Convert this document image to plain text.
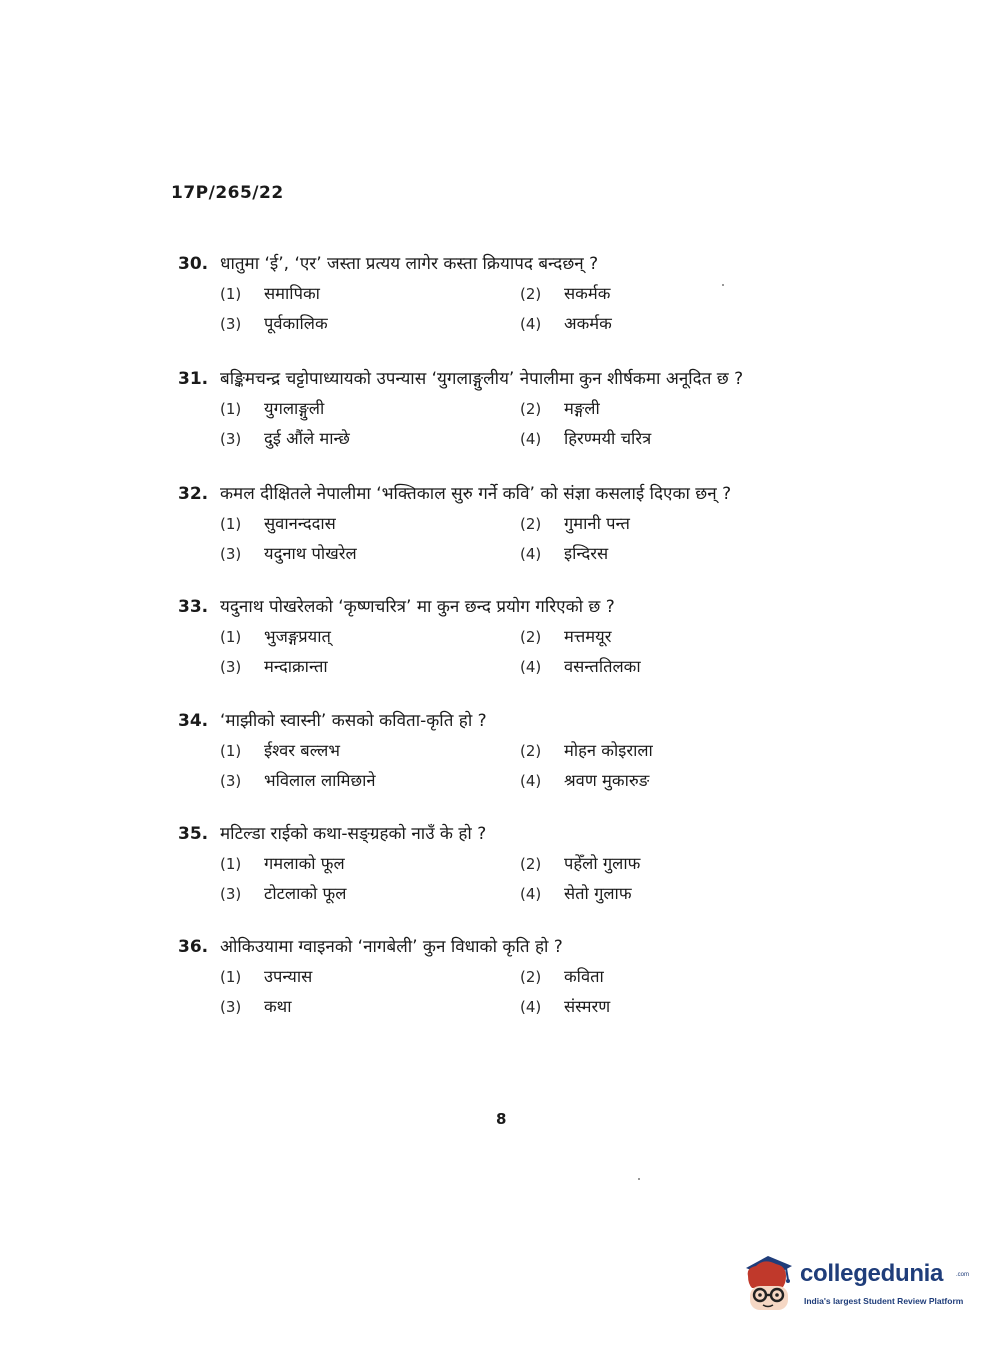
17P/265/22
30. धातुमा ‘ई’, ‘एर’ जस्ता प्रत्यय लागेर कस्ता क्रियापद बन्दछन् ?
(1)	समापिका	(2)	सकर्मक
(3)	पूर्वकालिक	(4)	अकर्मक
31. बङ्किमचन्द्र चट्टोपाध्यायको उपन्यास ‘युगलाङ्गुलीय’ नेपालीमा कुन शीर्षकमा अनूदित छ ?
(1)	युगलाङ्गुली	(2)	मङ्गली
(3)	दुई औंले मान्छे	(4)	हिरण्मयी चरित्र
32. कमल दीक्षितले नेपालीमा ‘भक्तिकाल सुरु गर्ने कवि’ को संज्ञा कसलाई दिएका छन् ?
(1)	सुवानन्ददास	(2)	गुमानी पन्त
(3)	यदुनाथ पोखरेल	(4)	इन्दिरस
33. यदुनाथ पोखरेलको ‘कृष्णचरित्र’ मा कुन छन्द प्रयोग गरिएको छ ?
(1)	भुजङ्गप्रयात्	(2)	मत्तमयूर
(3)	मन्दाक्रान्ता	(4)	वसन्ततिलका
34. ‘माझीको स्वास्नी’ कसको कविता-कृति हो ?
(1)	ईश्वर बल्लभ	(2)	मोहन कोइराला
(3)	भविलाल लामिछाने	(4)	श्रवण मुकारुङ
35. मटिल्डा राईको कथा-सङ्ग्रहको नाउँ के हो ?
(1)	गमलाको फूल	(2)	पहेँलो गुलाफ
(3)	टोटलाको फूल	(4)	सेतो गुलाफ
36. ओकिउयामा ग्वाइनको ‘नागबेली’ कुन विधाको कृति हो ?
(1)	उपन्यास	(2)	कविता
(3)	कथा	(4)	संस्मरण
8
collegedunia .com
India's largest Student Review Platform
